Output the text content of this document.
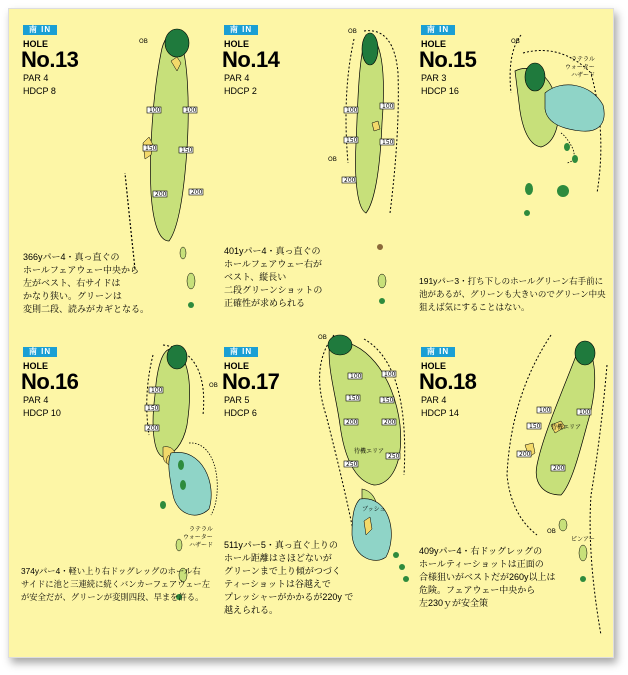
OB
100	100
150	150
200	200
南 IN
HOLE
No.13
PAR 4
HDCP 8
366yパー4・真っ直ぐの
ホールフェアウェー中央から
左がベスト、右サイドは
かなり狭い。グリーンは
変則二段、読みがカギとなる。
OB
OB
100
100
150	150
200
南 IN
HOLE
No.14
PAR 4
HDCP 2
401yパー4・真っ直ぐの
ホールフェアウェー右が
ベスト、縦長い
二段グリーンショットの
正確性が求められる
OB
ラテラル
ウォーター
ハザード
南 IN
HOLE
No.15
PAR 3
HDCP 16
191yパー3・打ち下しのホールグリーン右手前に
池があるが、グリーンも大きいのでグリーン中央
狙えば気にすることはない。
OB
100
150
200
ラテラル
ウォーター
ハザード
南 IN
HOLE
No.16
PAR 4
HDCP 10
374yパー4・軽い上り右ドッグレッグのホール右
サイドに池と三連続に続くバンカーフェアウェー左
が安全だが、グリーンが変則四段、早まを許る。
OB
100	100
150	150
200	200
250
250
待機エリア
ブッシュ
南 IN
HOLE
No.17
PAR 5
HDCP 6
511yパー5・真っ直ぐ上りの
ホール距離はさほどないが
グリーンまで上り傾がつづく
ティーショットは谷越えで
プレッシャーがかかるが220y で
越えられる。
OB
100	100
150
200
200
待機エリア
ピンアー
南 IN
HOLE
No.18
PAR 4
HDCP 14
409yパー4・右ドッグレッグの
ホールティーショットは正面の
合様狙いがベストだが260y以上は
危険。フェアウェー中央から
左230ｙが安全策
